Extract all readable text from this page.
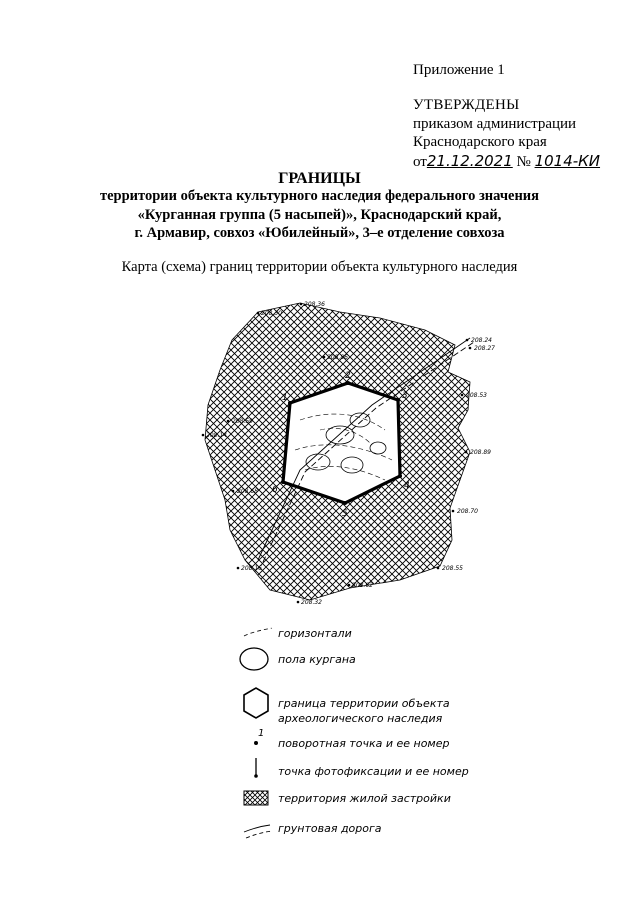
Приложение 1
УТВЕРЖДЕНЫ
приказом администрации
Краснодарского края
от21.12.2021 № 1014-КИ
ГРАНИЦЫ
территории объекта культурного наследия федерального значения
«Курганная группа (5 насыпей)», Краснодарский край,
г. Армавир, совхоз «Юбилейный», 3–е отделение совхоза
Карта (схема) границ территории объекта культурного наследия
1
2
3
4
5
6
208.36
208.30
208.24
208.27
208.86
208.53
208.89
208.70
208.55
208.62
208.32
208.16
208.59
208.14
208.68
1
горизонтали
пола кургана
граница территории объекта археологического наследия
поворотная точка и ее номер
точка фотофиксации и ее номер
территория жилой застройки
грунтовая дорога
